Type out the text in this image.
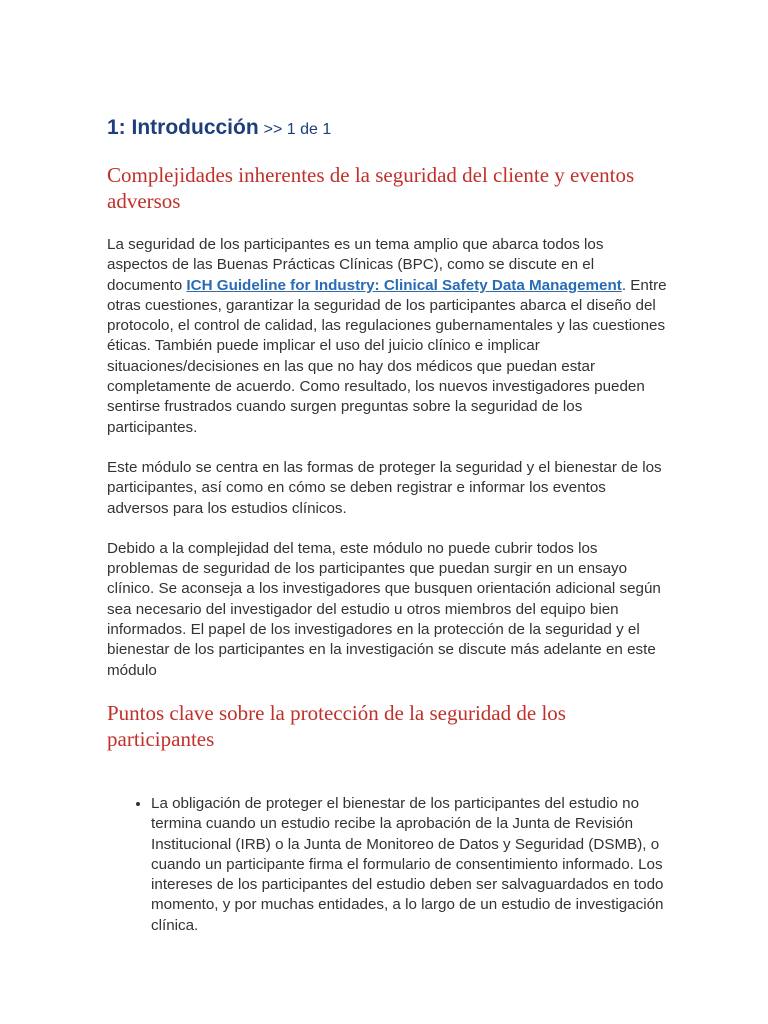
1: Introducción >> 1 de 1
Complejidades inherentes de la seguridad del cliente y eventos adversos

La seguridad de los participantes es un tema amplio que abarca todos los aspectos de las Buenas Prácticas Clínicas (BPC), como se discute en el documento ICH Guideline for Industry: Clinical Safety Data Management. Entre otras cuestiones, garantizar la seguridad de los participantes abarca el diseño del protocolo, el control de calidad, las regulaciones gubernamentales y las cuestiones éticas. También puede implicar el uso del juicio clínico e implicar situaciones/decisiones en las que no hay dos médicos que puedan estar completamente de acuerdo. Como resultado, los nuevos investigadores pueden sentirse frustrados cuando surgen preguntas sobre la seguridad de los participantes.

Este módulo se centra en las formas de proteger la seguridad y el bienestar de los participantes, así como en cómo se deben registrar e informar los eventos adversos para los estudios clínicos.

Debido a la complejidad del tema, este módulo no puede cubrir todos los problemas de seguridad de los participantes que puedan surgir en un ensayo clínico. Se aconseja a los investigadores que busquen orientación adicional según sea necesario del investigador del estudio u otros miembros del equipo bien informados. El papel de los investigadores en la protección de la seguridad y el bienestar de los participantes en la investigación se discute más adelante en este módulo

Puntos clave sobre la protección de la seguridad de los participantes
• La obligación de proteger el bienestar de los participantes del estudio no termina cuando un estudio recibe la aprobación de la Junta de Revisión Institucional (IRB) o la Junta de Monitoreo de Datos y Seguridad (DSMB), o cuando un participante firma el formulario de consentimiento informado. Los intereses de los participantes del estudio deben ser salvaguardados en todo momento, y por muchas entidades, a lo largo de un estudio de investigación clínica.
